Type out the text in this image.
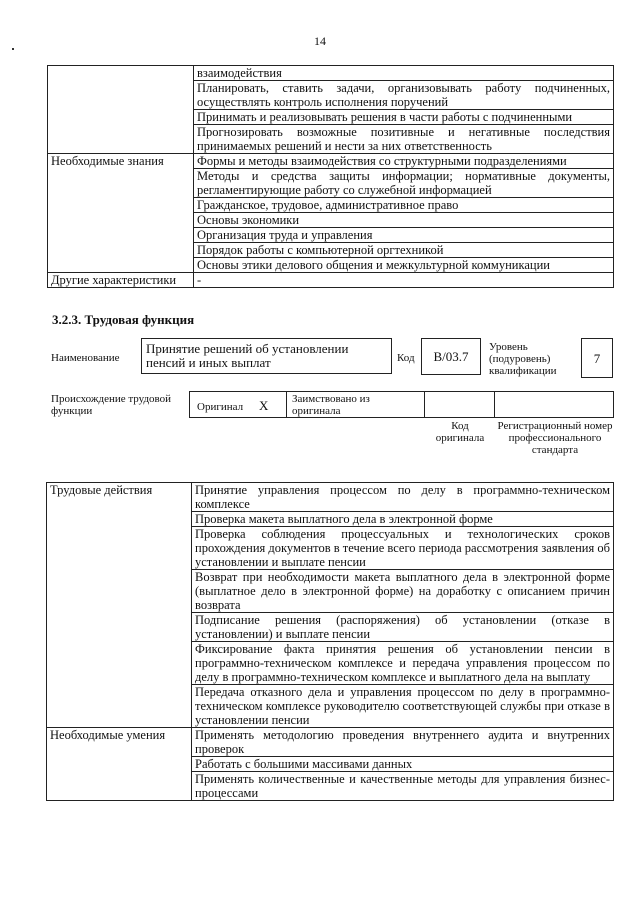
14
	взаимодействия
	Планировать, ставить задачи, организовывать работу подчиненных, осуществлять контроль исполнения поручений
	Принимать и реализовывать решения в части работы с подчиненными
	Прогнозировать возможные позитивные и негативные последствия принимаемых решений и нести за них ответственность
Необходимые знания	Формы и методы взаимодействия со структурными подразделениями
	Методы и средства защиты информации; нормативные документы, регламентирующие работу со служебной информацией
	Гражданское, трудовое, административное право
	Основы экономики
	Организация труда и управления
	Порядок работы с компьютерной оргтехникой
	Основы этики делового общения и межкультурной коммуникации
Другие характеристики	-
3.2.3. Трудовая функция
Наименование
Принятие решений об установлении пенсий и иных выплат	Код	B/03.7
Уровень (подуровень) квалификации
7
Происхождение трудовой функции	Оригинал X Заимствовано из оригинала
Код оригинала
Регистрационный номер профессионального стандарта
Трудовые действия	Принятие управления процессом по делу в программно-техническом комплексе
	Проверка макета выплатного дела в электронной форме
	Проверка соблюдения процессуальных и технологических сроков прохождения документов в течение всего периода рассмотрения заявления об установлении и выплате пенсии
	Возврат при необходимости макета выплатного дела в электронной форме (выплатное дело в электронной форме) на доработку с описанием причин возврата
	Подписание решения (распоряжения) об установлении (отказе в установлении) и выплате пенсии
	Фиксирование факта принятия решения об установлении пенсии в программно-техническом комплексе и передача управления процессом по делу в программно-техническом комплексе и выплатного дела на выплату
	Передача отказного дела и управления процессом по делу в программно-техническом комплексе руководителю соответствующей службы при отказе в установлении пенсии
Необходимые умения	Применять методологию проведения внутреннего аудита и внутренних проверок
	Работать с большими массивами данных
	Применять количественные и качественные методы для управления бизнес-процессами
